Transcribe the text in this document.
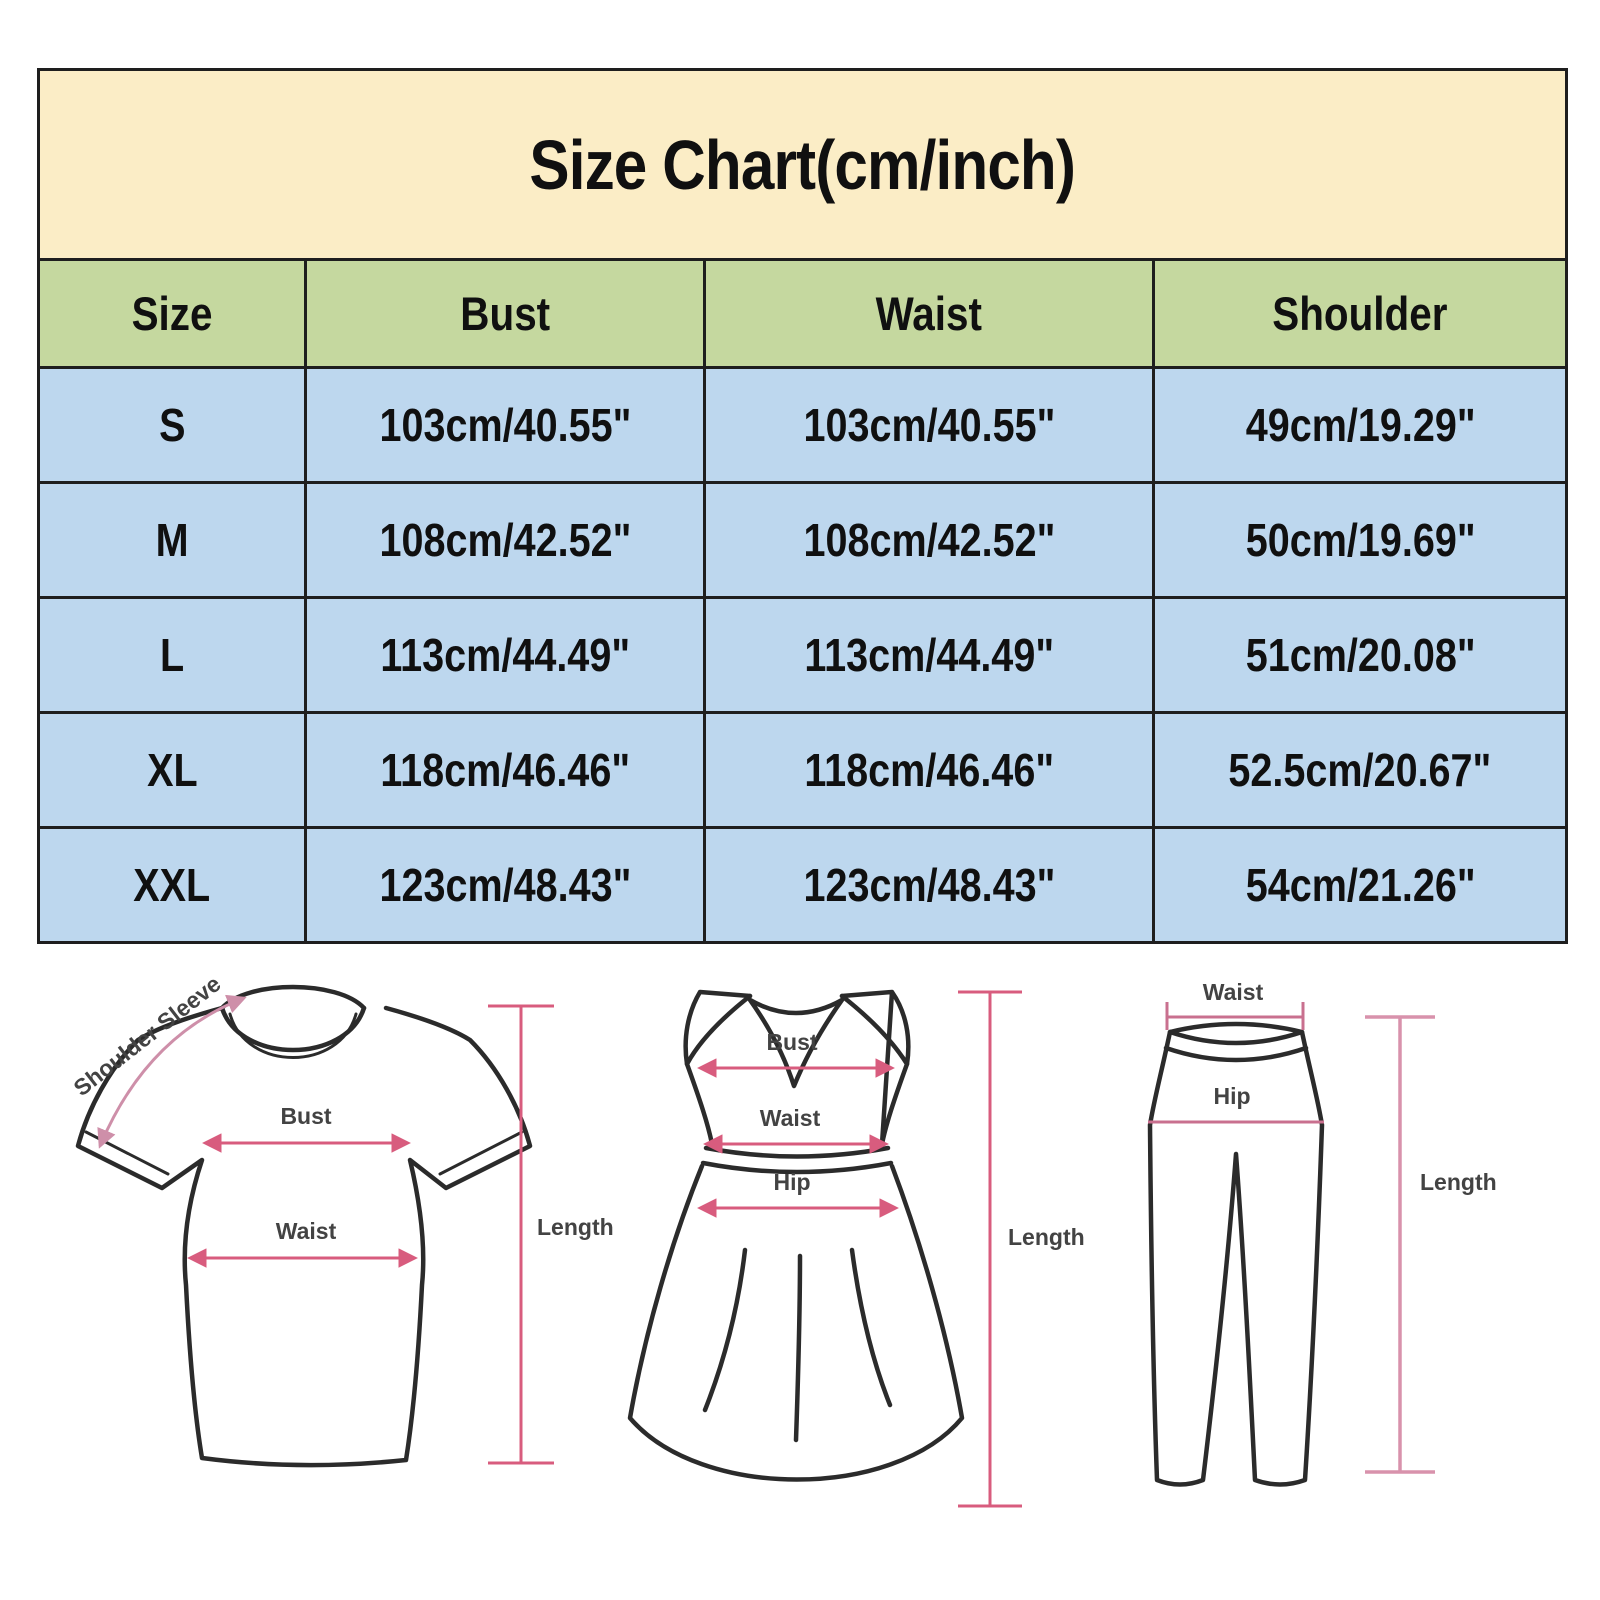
Size Chart(cm/inch)			
Size	Bust	Waist	Shoulder
S	103cm/40.55"	103cm/40.55"	49cm/19.29"
M	108cm/42.52"	108cm/42.52"	50cm/19.69"
L	113cm/44.49"	113cm/44.49"	51cm/20.08"
XL	118cm/46.46"	118cm/46.46"	52.5cm/20.67"
XXL	123cm/48.43"	123cm/48.43"	54cm/21.26"
Shoulder Sleeve
Bust
Waist	Length
Bust
Waist
Hip
Length
Waist
Hip
Length
